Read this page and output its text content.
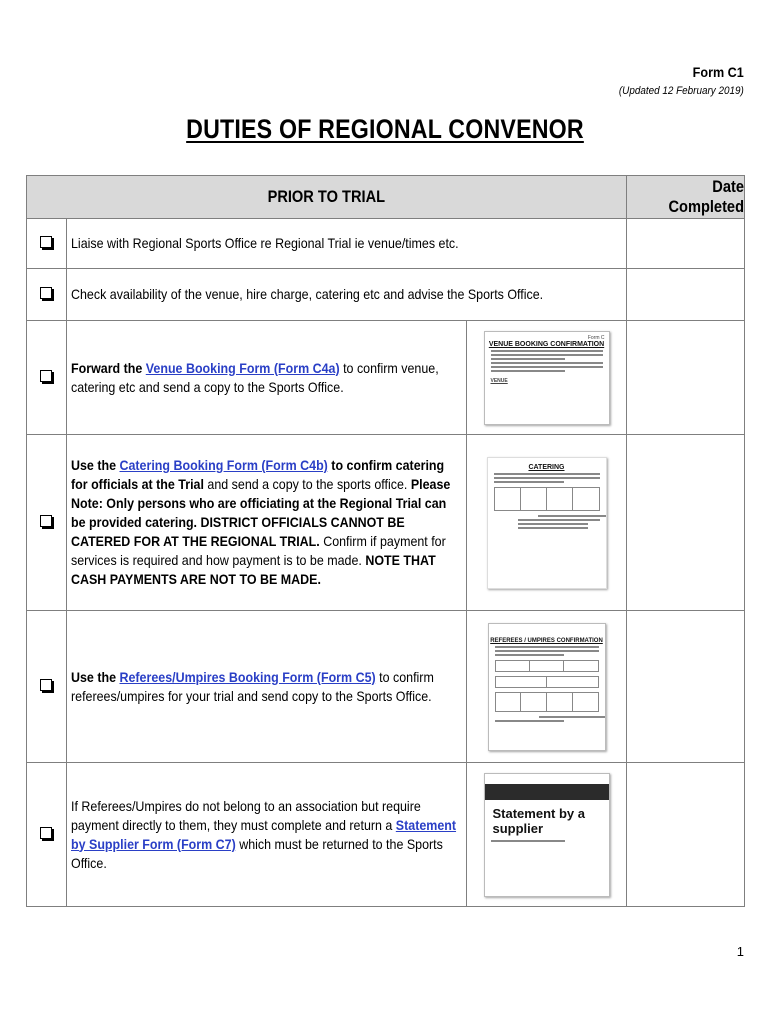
Form C1
(Updated 12 February 2019)
DUTIES OF REGIONAL CONVENOR
PRIOR TO TRIAL			Date Completed

	Liaise with Regional Sports Office re Regional Trial ie venue/times etc.		

	Check availability of the venue, hire charge, catering etc and advise the Sports Office.		

	Forward the Venue Booking Form (Form C4a) to confirm venue, catering etc and send a copy to the Sports Office.	Form C
VENUE BOOKING CONFIRMATION
VENUE	

	Use the Catering Booking Form (Form C4b) to confirm catering for officials at the Trial and send a copy to the sports office. Please Note: Only persons who are officiating at the Regional Trial can be provided catering. DISTRICT OFFICIALS CANNOT BE CATERED FOR AT THE REGIONAL TRIAL. Confirm if payment for services is required and how payment is to be made. NOTE THAT CASH PAYMENTS ARE NOT TO BE MADE.	CATERING	

	Use the Referees/Umpires Booking Form (Form C5) to confirm referees/umpires for your trial and send copy to the Sports Office.	REFEREES / UMPIRES CONFIRMATION	

	If Referees/Umpires do not belong to an association but require payment directly to them, they must complete and return a Statement by Supplier Form (Form C7) which must be returned to the Sports Office.	Statement by a supplier	

1
